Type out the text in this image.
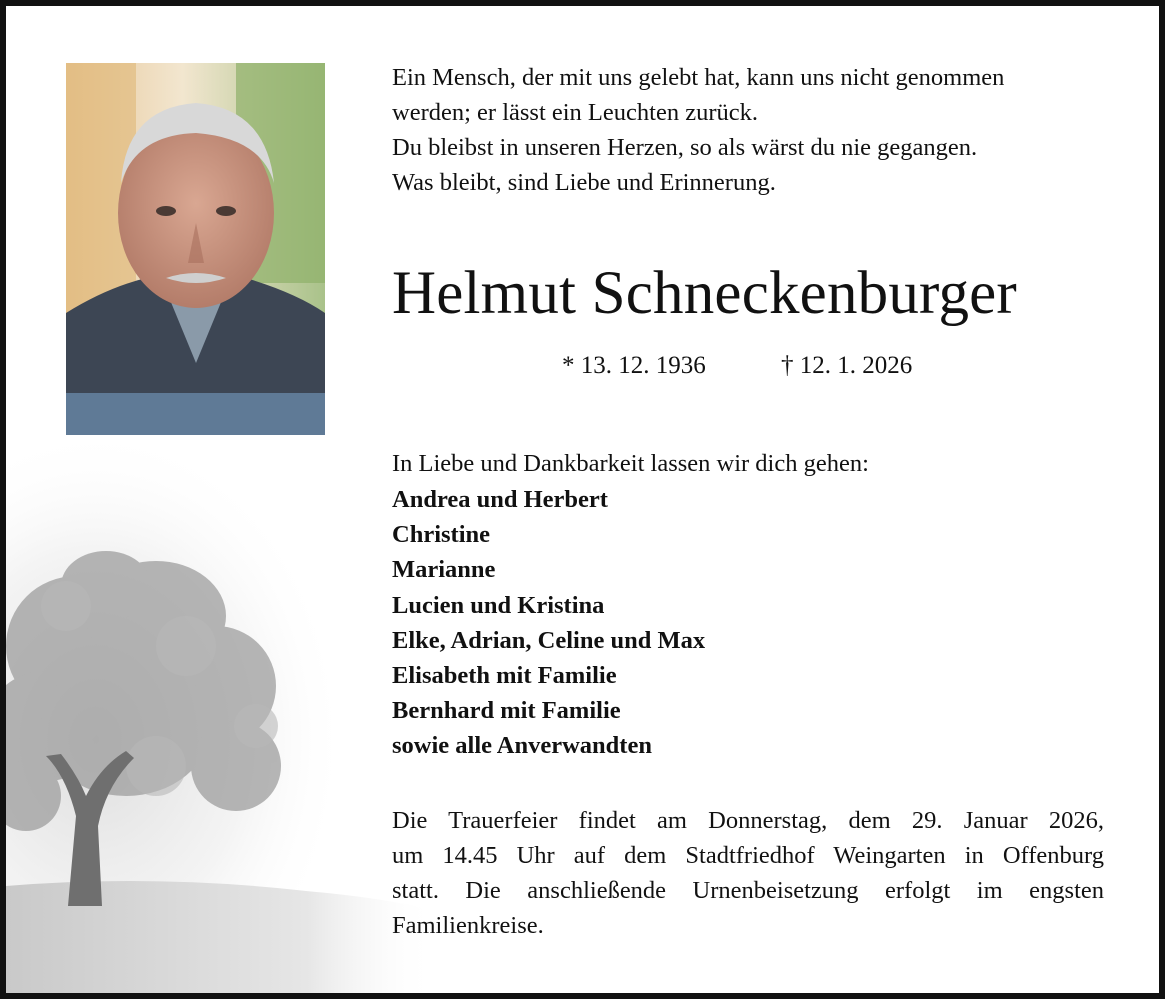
Ein Mensch, der mit uns gelebt hat, kann uns nicht genommen
werden; er lässt ein Leuchten zurück.
Du bleibst in unseren Herzen, so als wärst du nie gegangen.
Was bleibt, sind Liebe und Erinnerung.
Helmut Schneckenburger
* 13. 12. 1936	† 12. 1. 2026
In Liebe und Dankbarkeit lassen wir dich gehen:
Andrea und Herbert
Christine
Marianne
Lucien und Kristina
Elke, Adrian, Celine und Max
Elisabeth mit Familie
Bernhard mit Familie
sowie alle Anverwandten
Die Trauerfeier findet am Donnerstag, dem 29. Januar 2026,
um 14.45 Uhr auf dem Stadtfriedhof Weingarten in Offenburg
statt. Die anschließende Urnenbeisetzung erfolgt im engsten
Familienkreise.
